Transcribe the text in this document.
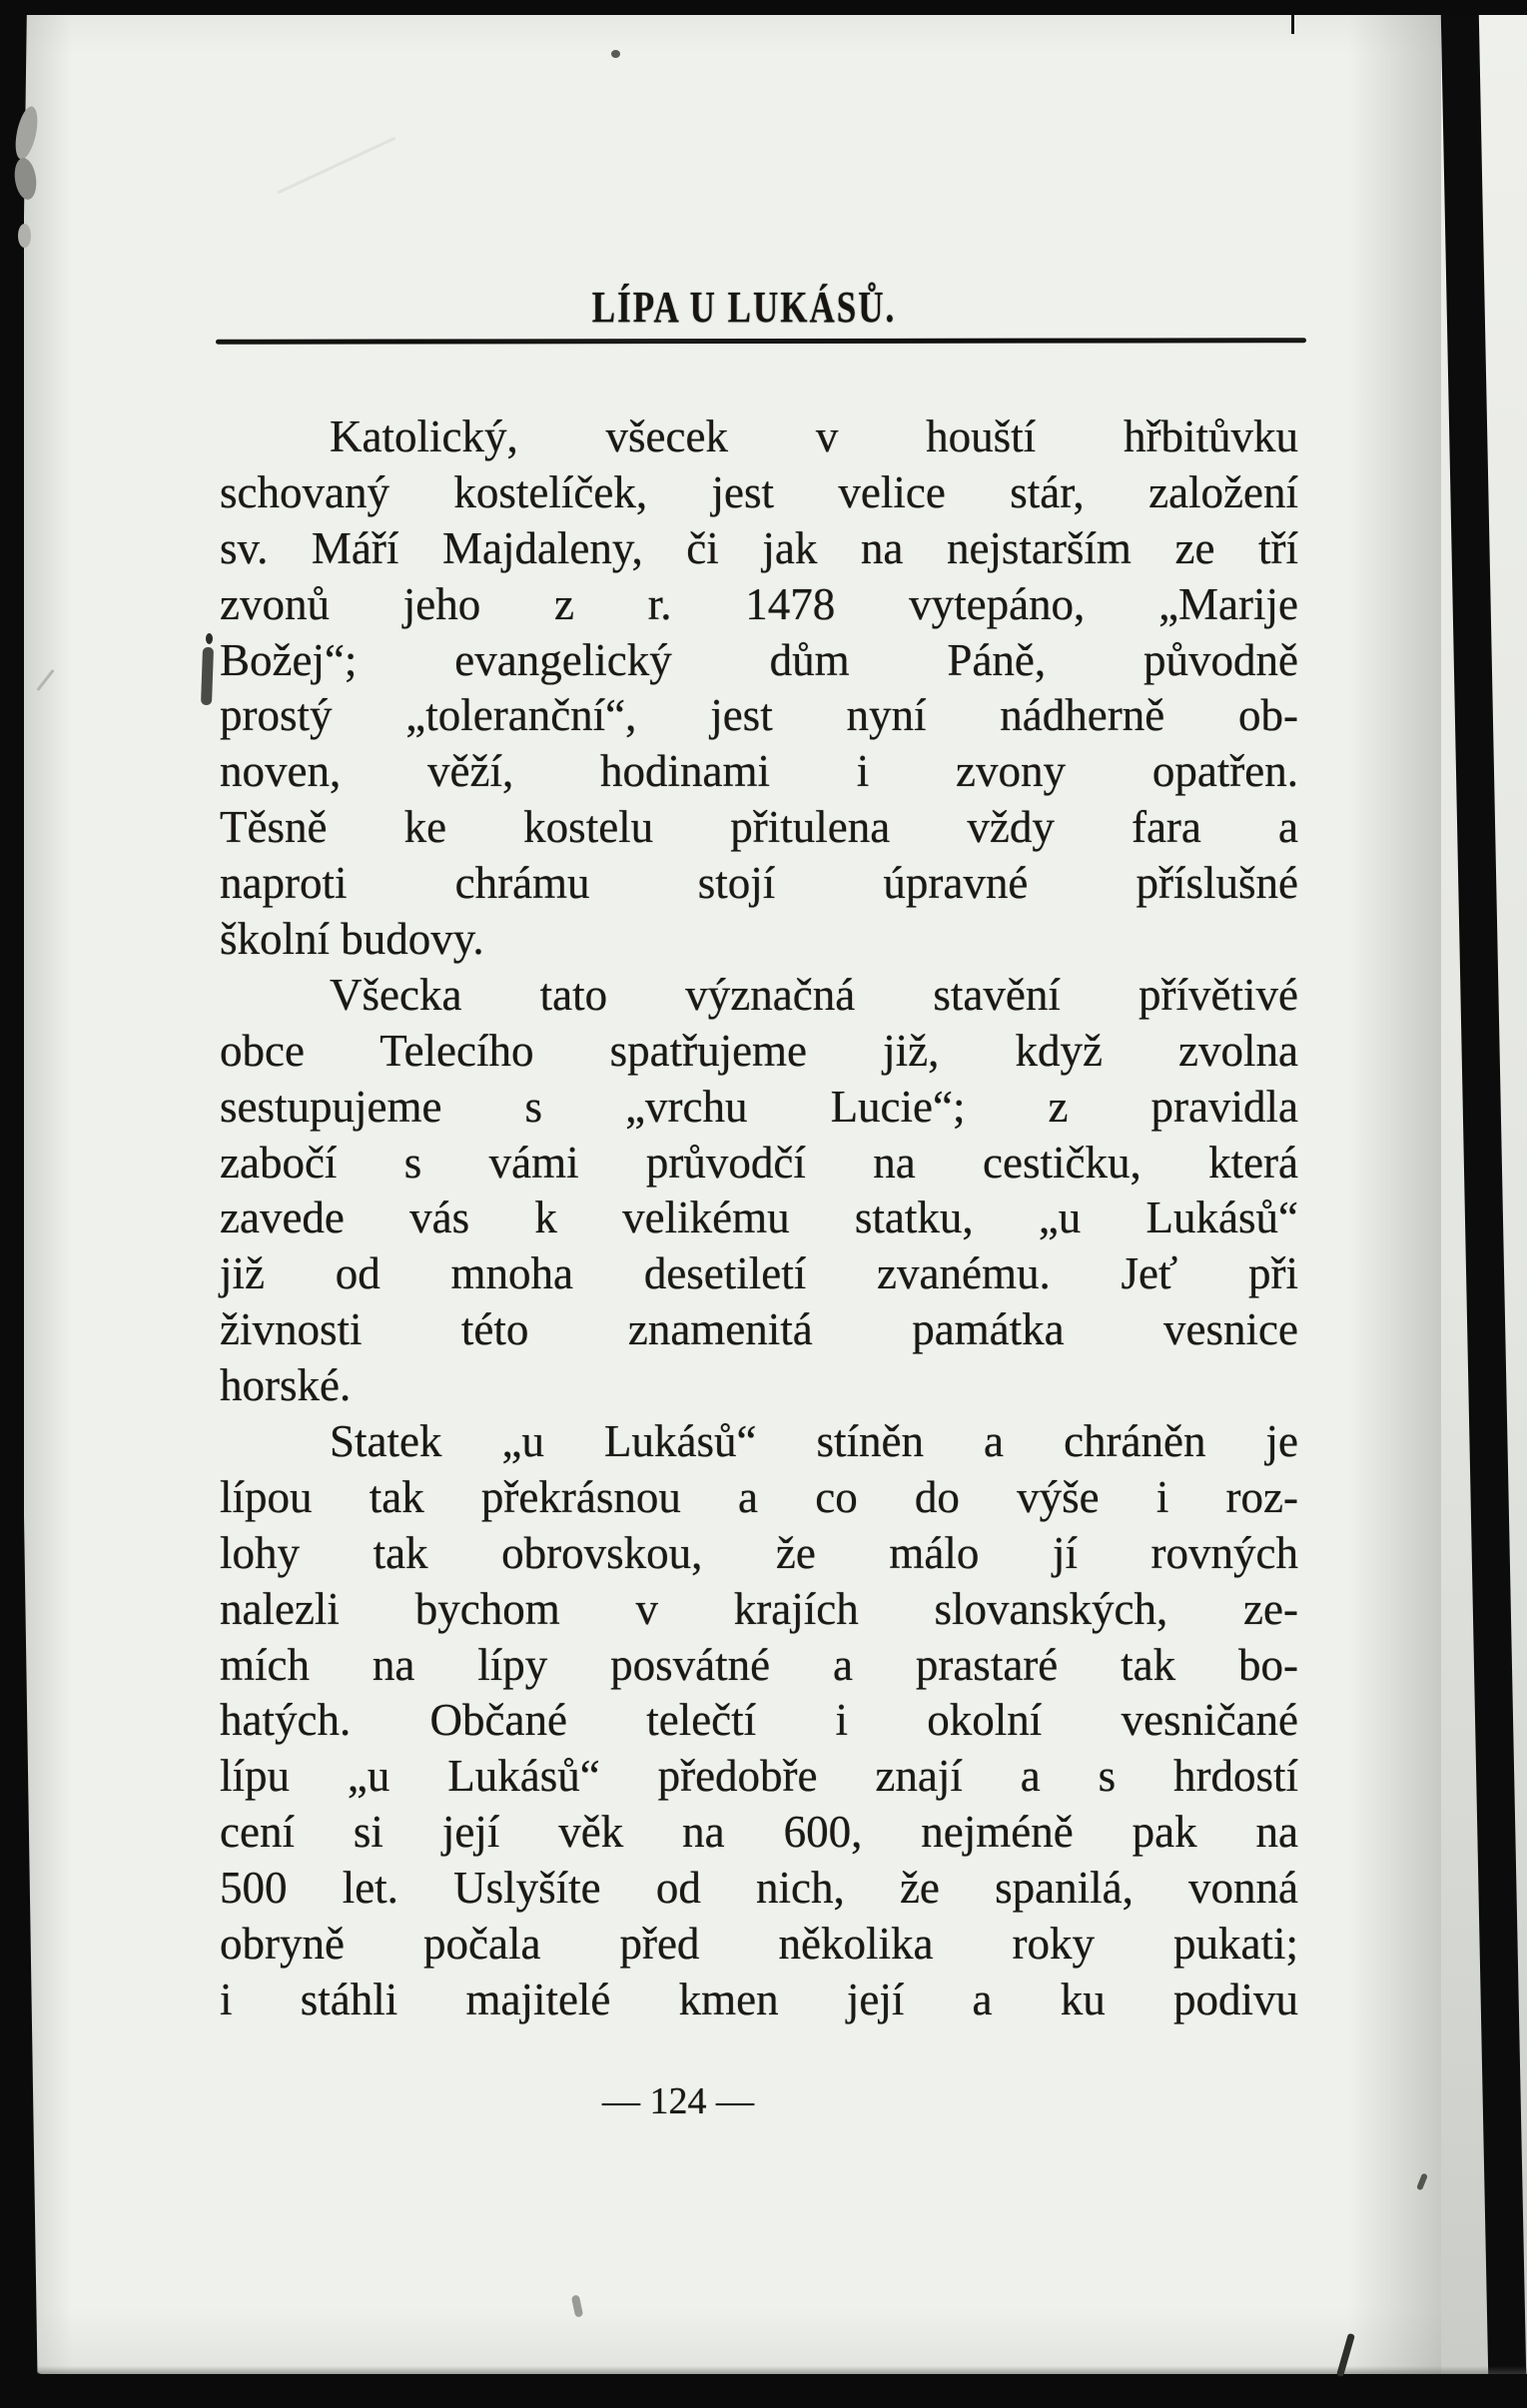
LÍPA U LUKÁSŮ.
Katolický, všecek v houští hřbitůvku
schovaný kostelíček, jest velice stár, založení
sv. Máří Majdaleny, či jak na nejstarším ze tří
zvonů jeho z r. 1478 vytepáno, „Marije
Božej“; evangelický dům Páně, původně
prostý „toleranční“, jest nyní nádherně ob-
noven, věží, hodinami i zvony opatřen.
Těsně ke kostelu přitulena vždy fara a
naproti chrámu stojí úpravné příslušné
školní budovy.
Všecka tato význačná stavění přívětivé
obce Telecího spatřujeme již, když zvolna
sestupujeme s „vrchu Lucie“; z pravidla
zabočí s vámi průvodčí na cestičku, která
zavede vás k velikému statku, „u Lukásů“
již od mnoha desetiletí zvanému. Jeť při
živnosti této znamenitá památka vesnice
horské.
Statek „u Lukásů“ stíněn a chráněn je
lípou tak překrásnou a co do výše i roz-
lohy tak obrovskou, že málo jí rovných
nalezli bychom v krajích slovanských, ze-
mích na lípy posvátné a prastaré tak bo-
hatých. Občané telečtí i okolní vesničané
lípu „u Lukásů“ předobře znají a s hrdostí
cení si její věk na 600, nejméně pak na
500 let. Uslyšíte od nich, že spanilá, vonná
obryně počala před několika roky pukati;
i stáhli majitelé kmen její a ku podivu
— 124 —
